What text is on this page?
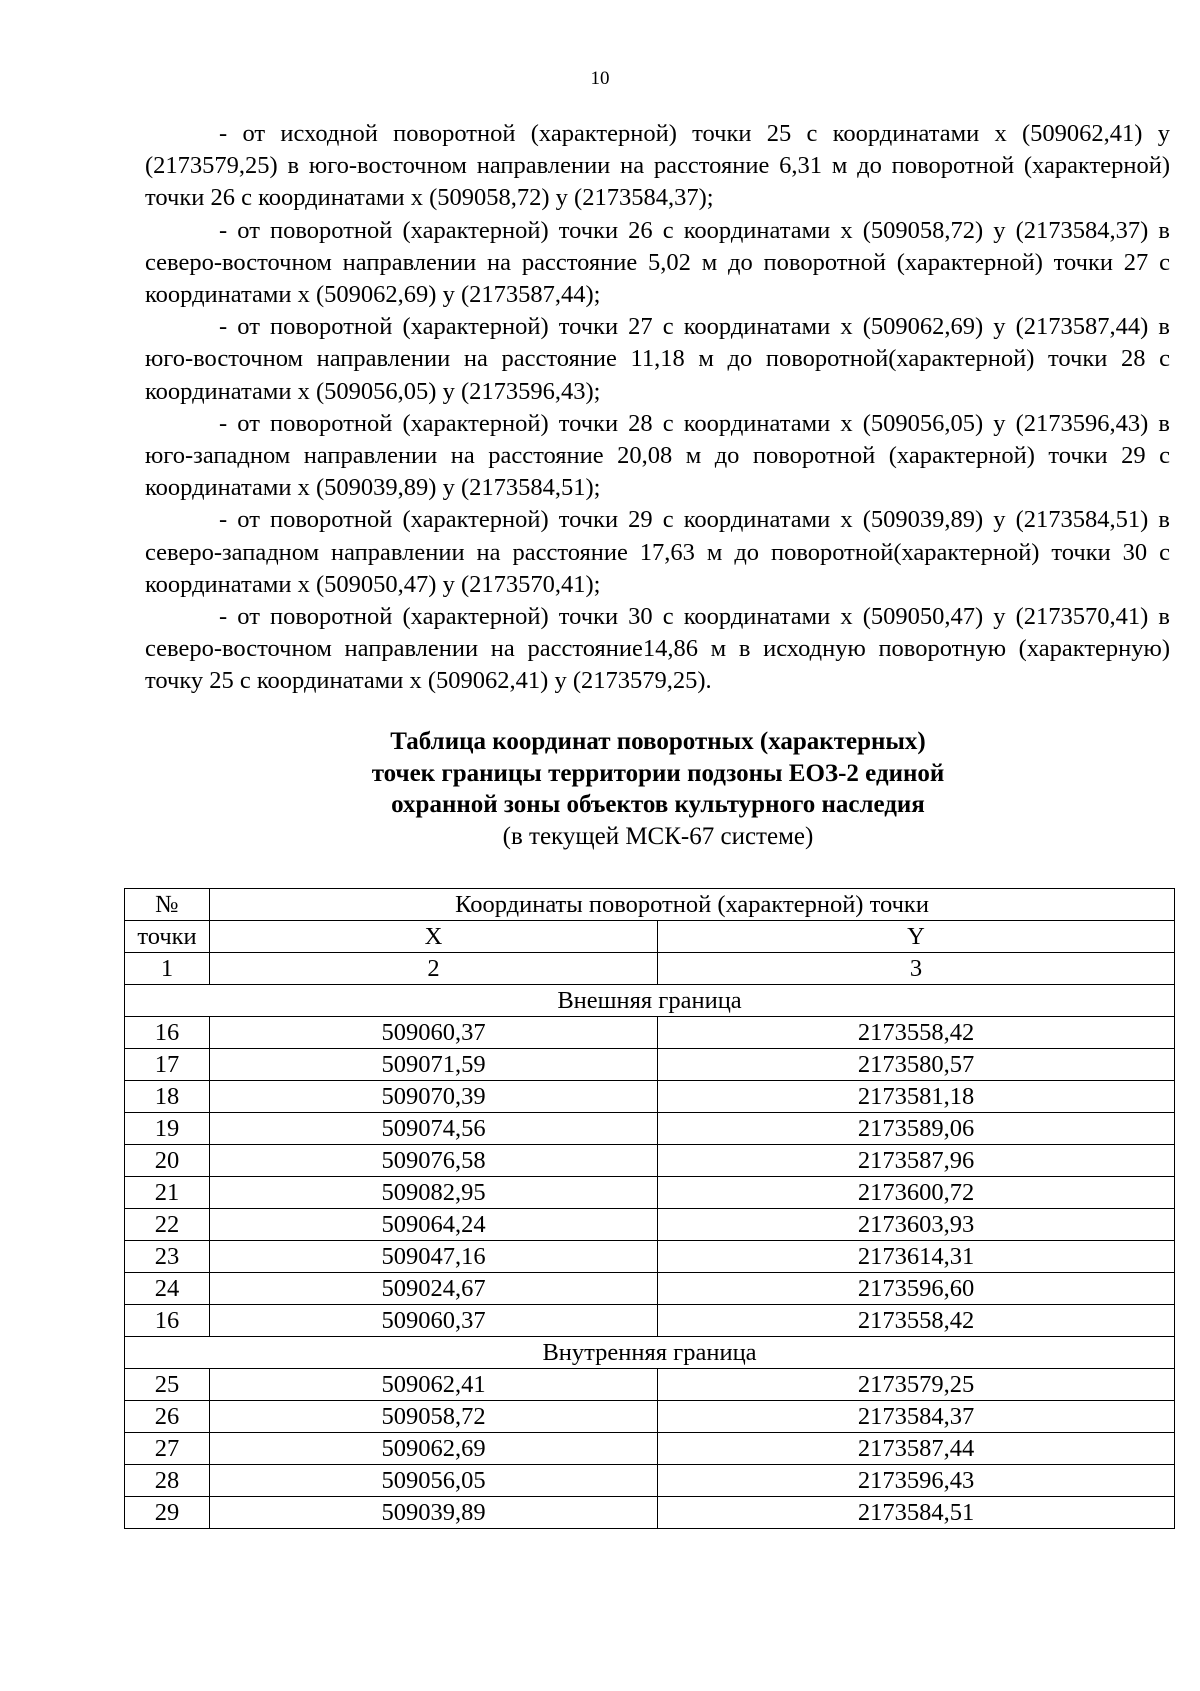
10

- от исходной поворотной (характерной) точки 25 с координатами x (509062,41) y (2173579,25) в юго-восточном направлении на расстояние 6,31 м до поворотной (характерной) точки 26 с координатами x (509058,72) y (2173584,37);

- от поворотной (характерной) точки 26 с координатами x (509058,72) y (2173584,37) в северо-восточном направлении на расстояние 5,02 м до поворотной (характерной) точки 27 с координатами x (509062,69) y (2173587,44);

- от поворотной (характерной) точки 27 с координатами x (509062,69) y (2173587,44) в юго-восточном направлении на расстояние 11,18 м до поворотной(характерной) точки 28 с координатами x (509056,05) y (2173596,43);

- от поворотной (характерной) точки 28 с координатами x (509056,05) y (2173596,43) в юго-западном направлении на расстояние 20,08 м до поворотной (характерной) точки 29 с координатами x (509039,89) y (2173584,51);

- от поворотной (характерной) точки 29 с координатами x (509039,89) y (2173584,51) в северо-западном направлении на расстояние 17,63 м до поворотной(характерной) точки 30 с координатами x (509050,47) y (2173570,41);

- от поворотной (характерной) точки 30 с координатами x (509050,47) y (2173570,41) в северо-восточном направлении на расстояние14,86 м в исходную поворотную (характерную) точку 25 с координатами x (509062,41) y (2173579,25).

Таблица координат поворотных (характерных)
точек границы территории подзоны ЕОЗ-2 единой
охранной зоны объектов культурного наследия
(в текущей МСК-67 системе)
№	Координаты поворотной (характерной) точки	
точки	X	Y
1	2	3
Внешняя граница		
16	509060,37	2173558,42
17	509071,59	2173580,57
18	509070,39	2173581,18
19	509074,56	2173589,06
20	509076,58	2173587,96
21	509082,95	2173600,72
22	509064,24	2173603,93
23	509047,16	2173614,31
24	509024,67	2173596,60
16	509060,37	2173558,42
Внутренняя граница		
25	509062,41	2173579,25
26	509058,72	2173584,37
27	509062,69	2173587,44
28	509056,05	2173596,43
29	509039,89	2173584,51
